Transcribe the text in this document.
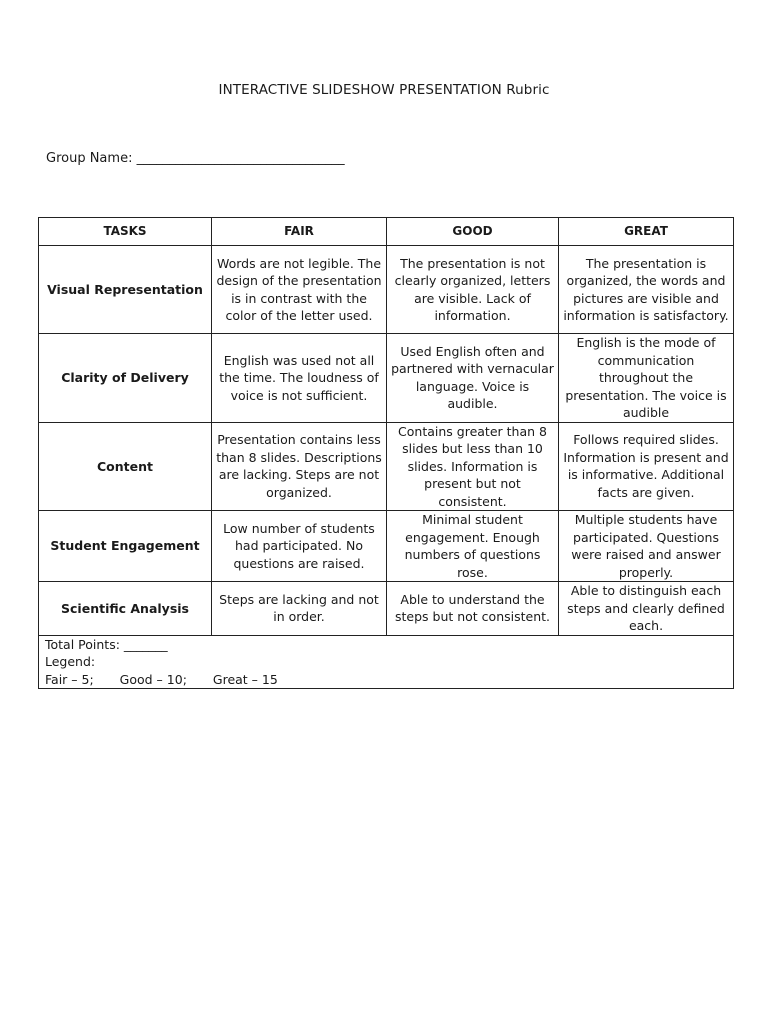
INTERACTIVE SLIDESHOW PRESENTATION Rubric
Group Name: ________________________________
TASKS	FAIR	GOOD	GREAT
Visual Representation	Words are not legible. The design of the presentation is in contrast with the color of the letter used.	The presentation is not clearly organized, letters are visible. Lack of information.	The presentation is organized, the words and pictures are visible and information is satisfactory.
Clarity of Delivery	English was used not all the time. The loudness of voice is not sufficient.	Used English often and partnered with vernacular language. Voice is audible.	English is the mode of communication throughout the presentation. The voice is audible
Content	Presentation contains less than 8 slides. Descriptions are lacking. Steps are not organized.	Contains greater than 8 slides but less than 10 slides. Information is present but not consistent.	Follows required slides. Information is present and is informative. Additional facts are given.
Student Engagement	Low number of students had participated. No questions are raised.	Minimal student engagement. Enough numbers of questions rose.	Multiple students have participated. Questions were raised and answer properly.
Scientific Analysis	Steps are lacking and not in order.	Able to understand the steps but not consistent.	Able to distinguish each steps and clearly defined each.

Total Points: _______
Legend:
Fair – 5; Good – 10; Great – 15			
